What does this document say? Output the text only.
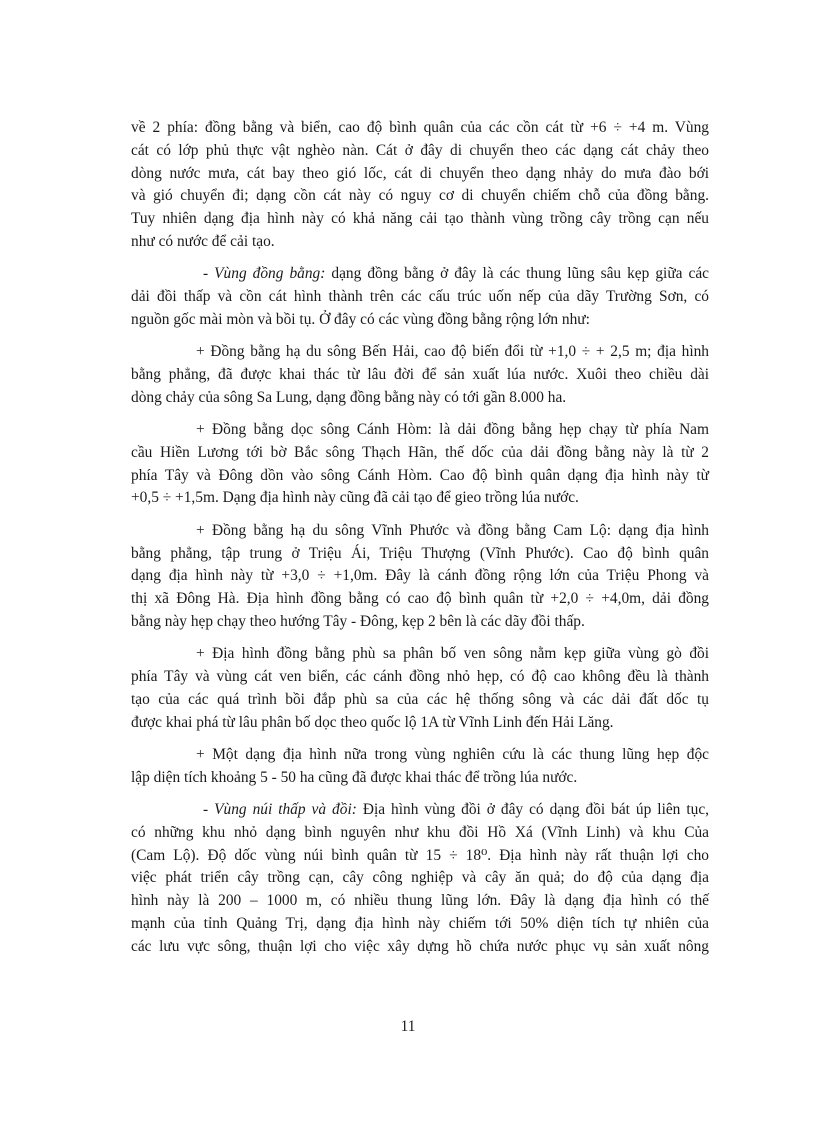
về 2 phía: đồng bằng và biển, cao độ bình quân của các cồn cát từ +6 ÷ +4 m. Vùng
cát có lớp phủ thực vật nghèo nàn. Cát ở đây di chuyển theo các dạng cát chảy theo
dòng nước mưa, cát bay theo gió lốc, cát di chuyển theo dạng nhảy do mưa đào bới
và gió chuyển đi; dạng cồn cát này có nguy cơ di chuyển chiếm chỗ của đồng bằng.
Tuy nhiên dạng địa hình này có khả năng cải tạo thành vùng trồng cây trồng cạn nếu
như có nước để cải tạo.
- Vùng đồng bằng: dạng đồng bằng ở đây là các thung lũng sâu kẹp giữa các
dải đồi thấp và cồn cát hình thành trên các cấu trúc uốn nếp của dãy Trường Sơn, có
nguồn gốc mài mòn và bồi tụ. Ở đây có các vùng đồng bằng rộng lớn như:
+ Đồng bằng hạ du sông Bến Hải, cao độ biến đổi từ +1,0 ÷ + 2,5 m; địa hình
bằng phẳng, đã được khai thác từ lâu đời để sản xuất lúa nước. Xuôi theo chiều dài
dòng chảy của sông Sa Lung, dạng đồng bằng này có tới gần 8.000 ha.
+ Đồng bằng dọc sông Cánh Hòm: là dải đồng bằng hẹp chạy từ phía Nam
cầu Hiền Lương tới bờ Bắc sông Thạch Hãn, thế dốc của dải đồng bằng này là từ 2
phía Tây và Đông dồn vào sông Cánh Hòm. Cao độ bình quân dạng địa hình này từ
+0,5 ÷ +1,5m. Dạng địa hình này cũng đã cải tạo để gieo trồng lúa nước.
+ Đồng bằng hạ du sông Vĩnh Phước và đồng bằng Cam Lộ: dạng địa hình
bằng phẳng, tập trung ở Triệu Ái, Triệu Thượng (Vĩnh Phước). Cao độ bình quân
dạng địa hình này từ +3,0 ÷ +1,0m. Đây là cánh đồng rộng lớn của Triệu Phong và
thị xã Đông Hà. Địa hình đồng bằng có cao độ bình quân từ +2,0 ÷ +4,0m, dải đồng
bằng này hẹp chạy theo hướng Tây - Đông, kẹp 2 bên là các dãy đồi thấp.
+ Địa hình đồng bằng phù sa phân bố ven sông nằm kẹp giữa vùng gò đồi
phía Tây và vùng cát ven biển, các cánh đồng nhỏ hẹp, có độ cao không đều là thành
tạo của các quá trình bồi đắp phù sa của các hệ thống sông và các dải đất dốc tụ
được khai phá từ lâu phân bố dọc theo quốc lộ 1A từ Vĩnh Linh đến Hải Lăng.
+ Một dạng địa hình nữa trong vùng nghiên cứu là các thung lũng hẹp độc
lập diện tích khoảng 5 - 50 ha cũng đã được khai thác để trồng lúa nước.
- Vùng núi thấp và đồi: Địa hình vùng đồi ở đây có dạng đồi bát úp liên tục,
có những khu nhỏ dạng bình nguyên như khu đồi Hồ Xá (Vĩnh Linh) và khu Của
(Cam Lộ). Độ dốc vùng núi bình quân từ 15 ÷ 18⁰. Địa hình này rất thuận lợi cho
việc phát triển cây trồng cạn, cây công nghiệp và cây ăn quả; do độ của dạng địa
hình này là 200 – 1000 m, có nhiều thung lũng lớn. Đây là dạng địa hình có thế
mạnh của tỉnh Quảng Trị, dạng địa hình này chiếm tới 50% diện tích tự nhiên của
các lưu vực sông, thuận lợi cho việc xây dựng hồ chứa nước phục vụ sản xuất nông
11
